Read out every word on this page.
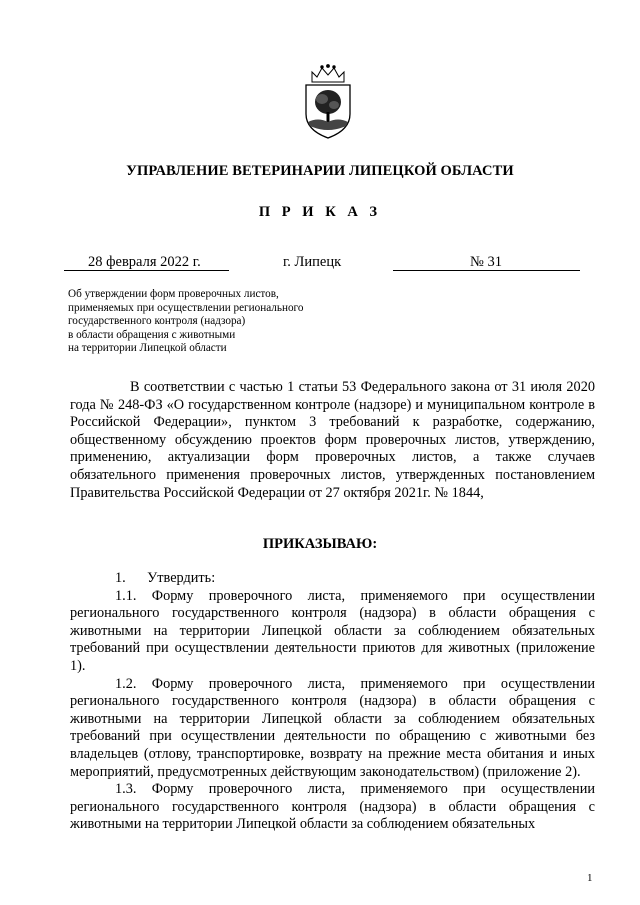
УПРАВЛЕНИЕ ВЕТЕРИНАРИИ ЛИПЕЦКОЙ ОБЛАСТИ
П Р И К А З
28 февраля 2022 г.	г. Липецк	№ 31
Об утверждении форм проверочных листов,
применяемых при осуществлении регионального
государственного контроля (надзора)
в области обращения с животными
на территории Липецкой области

В соответствии с частью 1 статьи 53 Федерального закона от 31 июля 2020 года № 248-ФЗ «О государственном контроле (надзоре) и муниципальном контроле в Российской Федерации», пунктом 3 требований к разработке, содержанию, общественному обсуждению проектов форм проверочных листов, утверждению, применению, актуализации форм проверочных листов, а также случаев обязательного применения проверочных листов, утвержденных постановлением Правительства Российской Федерации от 27 октября 2021г. № 1844,

ПРИКАЗЫВАЮ:

1.      Утвердить:

1.1. Форму проверочного листа, применяемого при осуществлении регионального государственного контроля (надзора) в области обращения с животными на территории Липецкой области за соблюдением обязательных требований при осуществлении деятельности приютов для животных (приложение 1).

1.2. Форму проверочного листа, применяемого при осуществлении регионального государственного контроля (надзора) в области обращения с животными на территории Липецкой области за соблюдением обязательных требований при осуществлении деятельности по обращению с животными без владельцев (отлову, транспортировке, возврату на прежние места обитания и иных мероприятий, предусмотренных действующим законодательством) (приложение 2).

1.3. Форму проверочного листа, применяемого при осуществлении регионального государственного контроля (надзора) в области обращения с животными на территории Липецкой области за соблюдением обязательных

1
